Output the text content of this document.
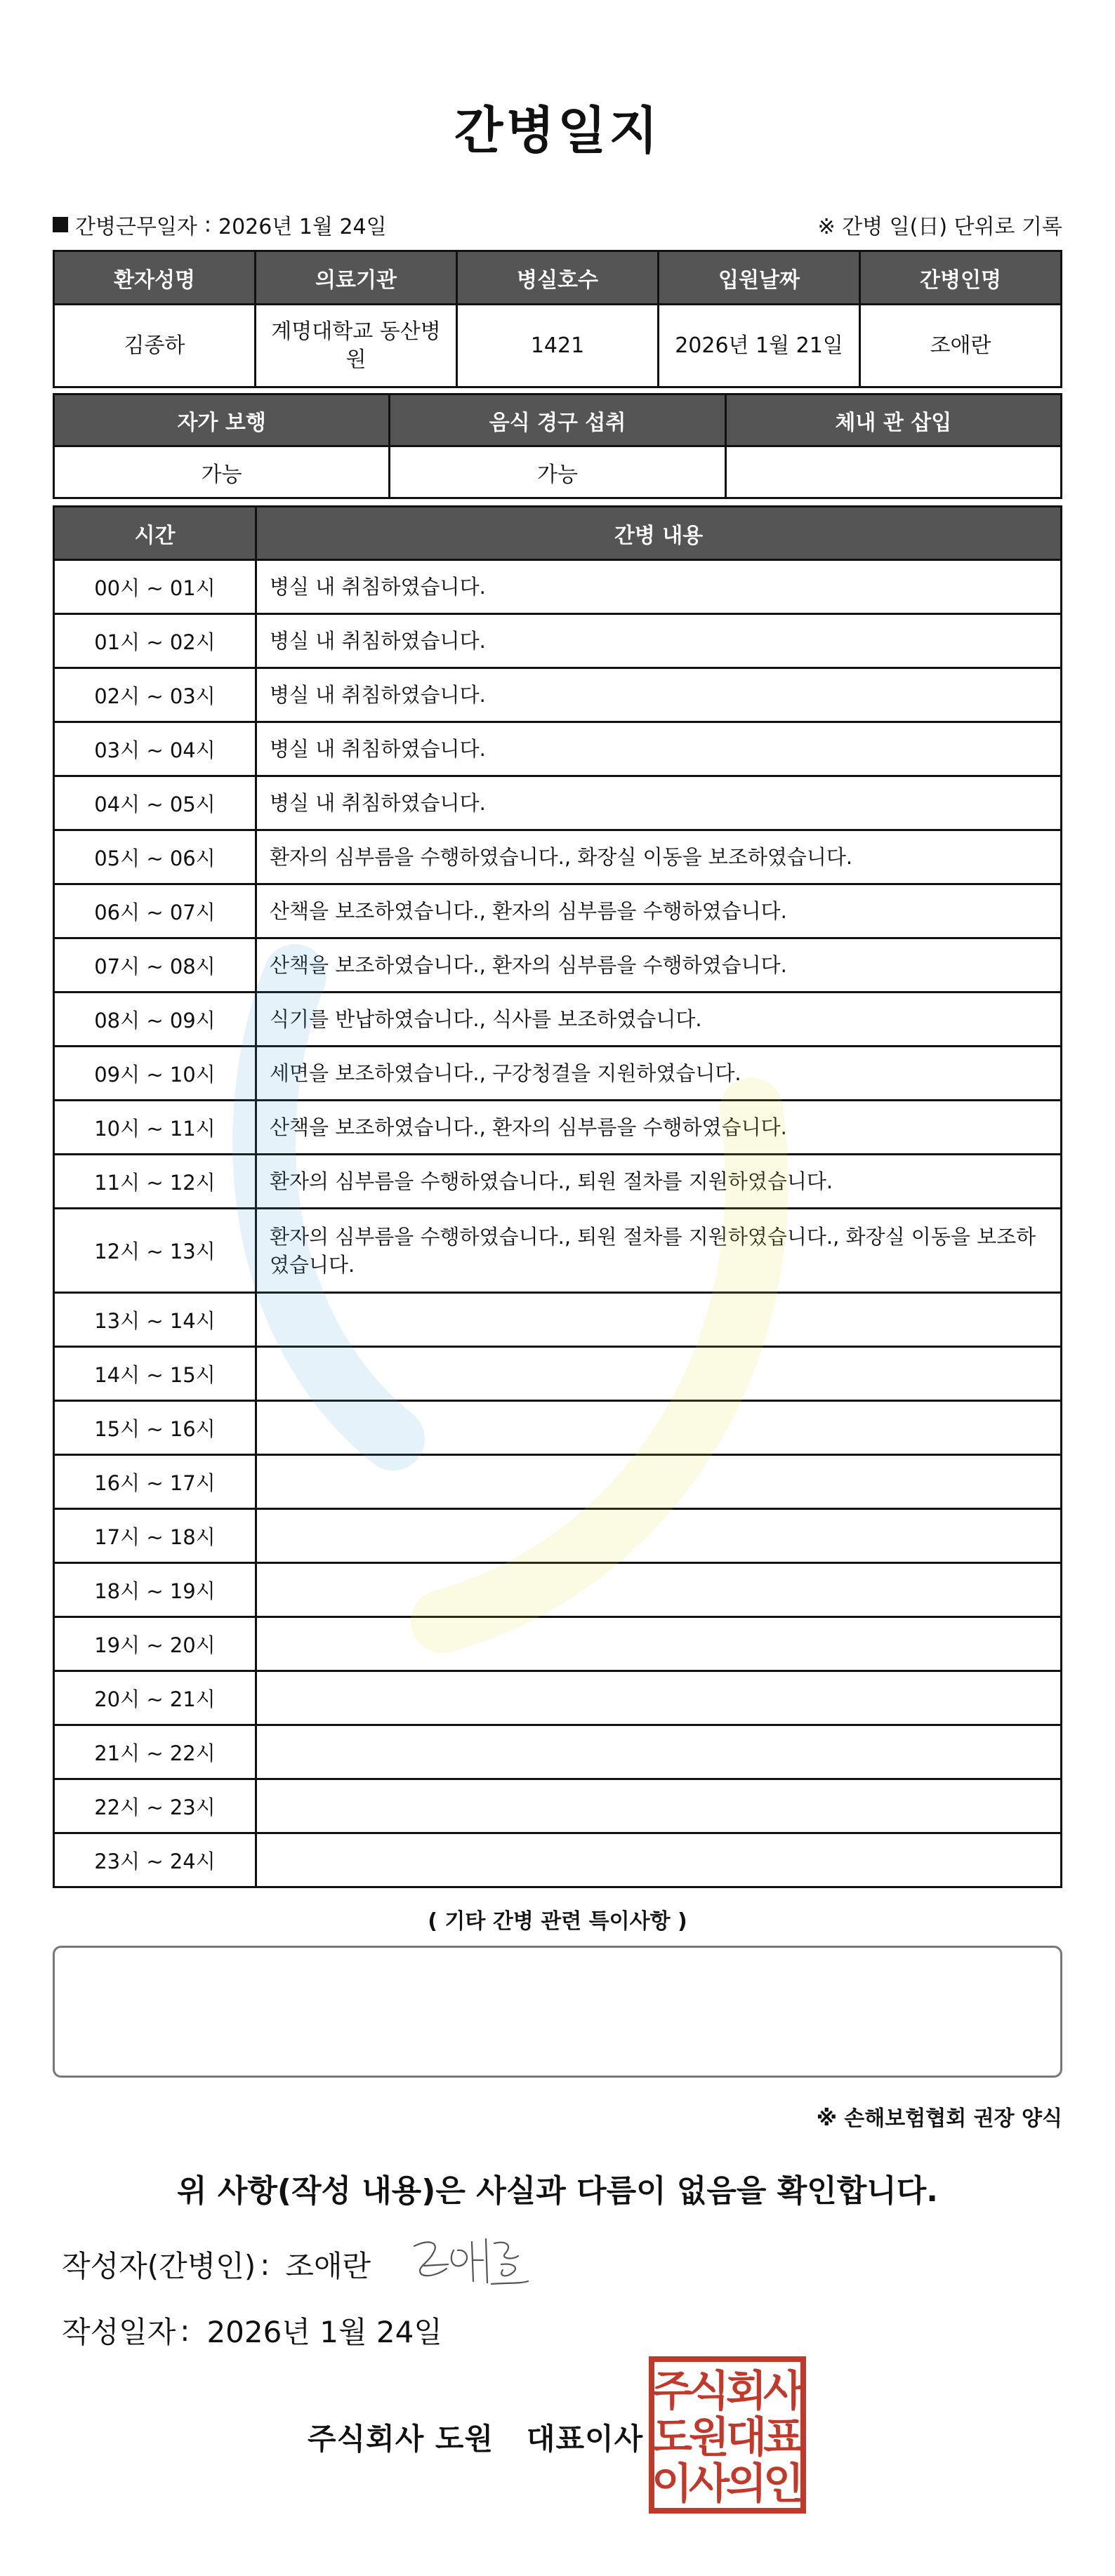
간병일지
간병근무일자 : 2026년 1월 24일	※ 간병 일(日) 단위로 기록
환자성명	의료기관	병실호수	입원날짜	간병인명
김종하	계명대학교 동산병원	1421	2026년 1월 21일	조애란
자가 보행	음식 경구 섭취	체내 관 삽입
가능	가능	
시간	간병 내용
00시 ~ 01시	병실 내 취침하였습니다.
01시 ~ 02시	병실 내 취침하였습니다.
02시 ~ 03시	병실 내 취침하였습니다.
03시 ~ 04시	병실 내 취침하였습니다.
04시 ~ 05시	병실 내 취침하였습니다.
05시 ~ 06시	환자의 심부름을 수행하였습니다., 화장실 이동을 보조하였습니다.
06시 ~ 07시	산책을 보조하였습니다., 환자의 심부름을 수행하였습니다.
07시 ~ 08시	산책을 보조하였습니다., 환자의 심부름을 수행하였습니다.
08시 ~ 09시	식기를 반납하였습니다., 식사를 보조하였습니다.
09시 ~ 10시	세면을 보조하였습니다., 구강청결을 지원하였습니다.
10시 ~ 11시	산책을 보조하였습니다., 환자의 심부름을 수행하였습니다.
11시 ~ 12시	환자의 심부름을 수행하였습니다., 퇴원 절차를 지원하였습니다.
12시 ~ 13시	환자의 심부름을 수행하였습니다., 퇴원 절차를 지원하였습니다., 화장실 이동을 보조하였습니다.
13시 ~ 14시	
14시 ~ 15시	
15시 ~ 16시	
16시 ~ 17시	
17시 ~ 18시	
18시 ~ 19시	
19시 ~ 20시	
20시 ~ 21시	
21시 ~ 22시	
22시 ~ 23시	
23시 ~ 24시	
( 기타 간병 관련 특이사항 )
※ 손해보험협회 권장 양식
위 사항(작성 내용)은 사실과 다름이 없음을 확인합니다.
작성자(간병인) : 조애란
작성일자 : 2026년 1월 24일
주식회사 도원   대표이사
주
식
회
사
도
원
대
표
이
사
의
인
